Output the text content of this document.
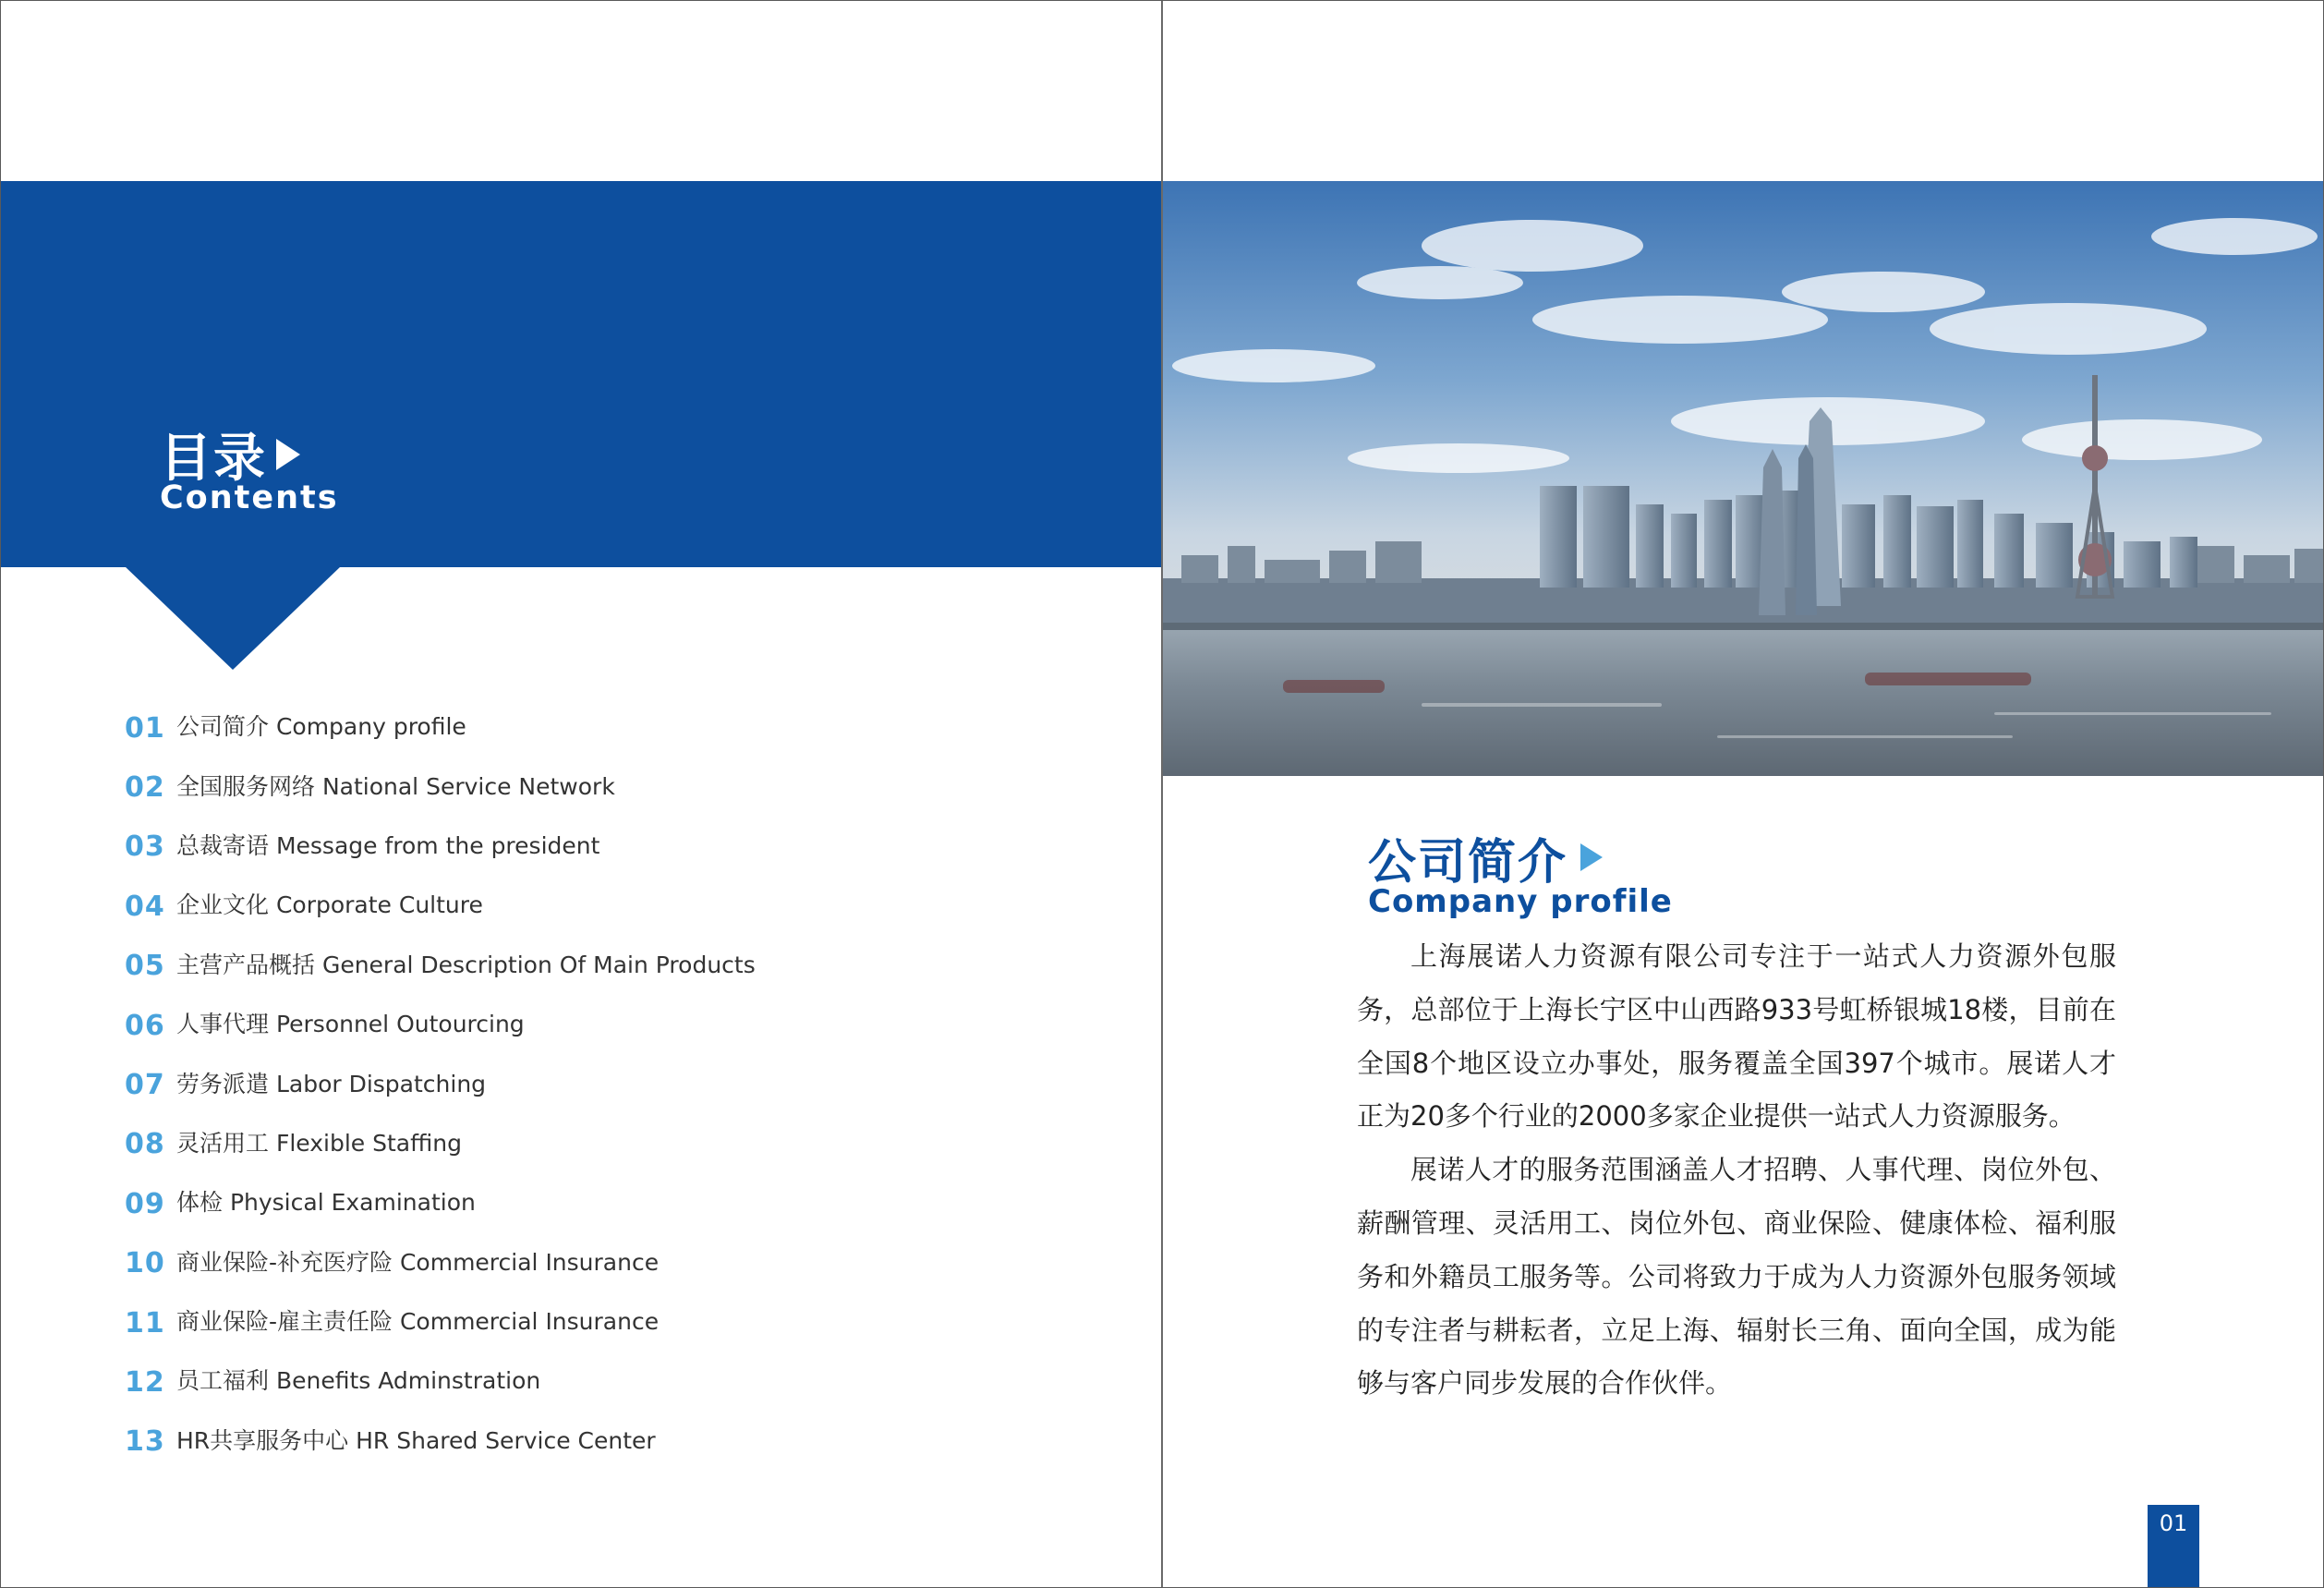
目录
Contents
01 公司简介 Company profile
02 全国服务网络 National Service Network
03 总裁寄语 Message from the president
04 企业文化 Corporate Culture
05 主营产品概括 General Description Of Main Products
06 人事代理 Personnel Outourcing
07 劳务派遣 Labor Dispatching
08 灵活用工 Flexible Staffing
09 体检 Physical Examination
10 商业保险-补充医疗险 Commercial Insurance
11 商业保险-雇主责任险 Commercial Insurance
12 员工福利 Benefits Adminstration
13 HR共享服务中心 HR Shared Service Center
公司简介
Company profile

上海展诺人力资源有限公司专注于一站式人力资源外包服务，总部位于上海长宁区中山西路933号虹桥银城18楼，目前在全国8个地区设立办事处，服务覆盖全国397个城市。展诺人才正为20多个行业的2000多家企业提供一站式人力资源服务。

展诺人才的服务范围涵盖人才招聘、人事代理、岗位外包、薪酬管理、灵活用工、岗位外包、商业保险、健康体检、福利服务和外籍员工服务等。公司将致力于成为人力资源外包服务领域的专注者与耕耘者，立足上海、辐射长三角、面向全国，成为能够与客户同步发展的合作伙伴。

01
